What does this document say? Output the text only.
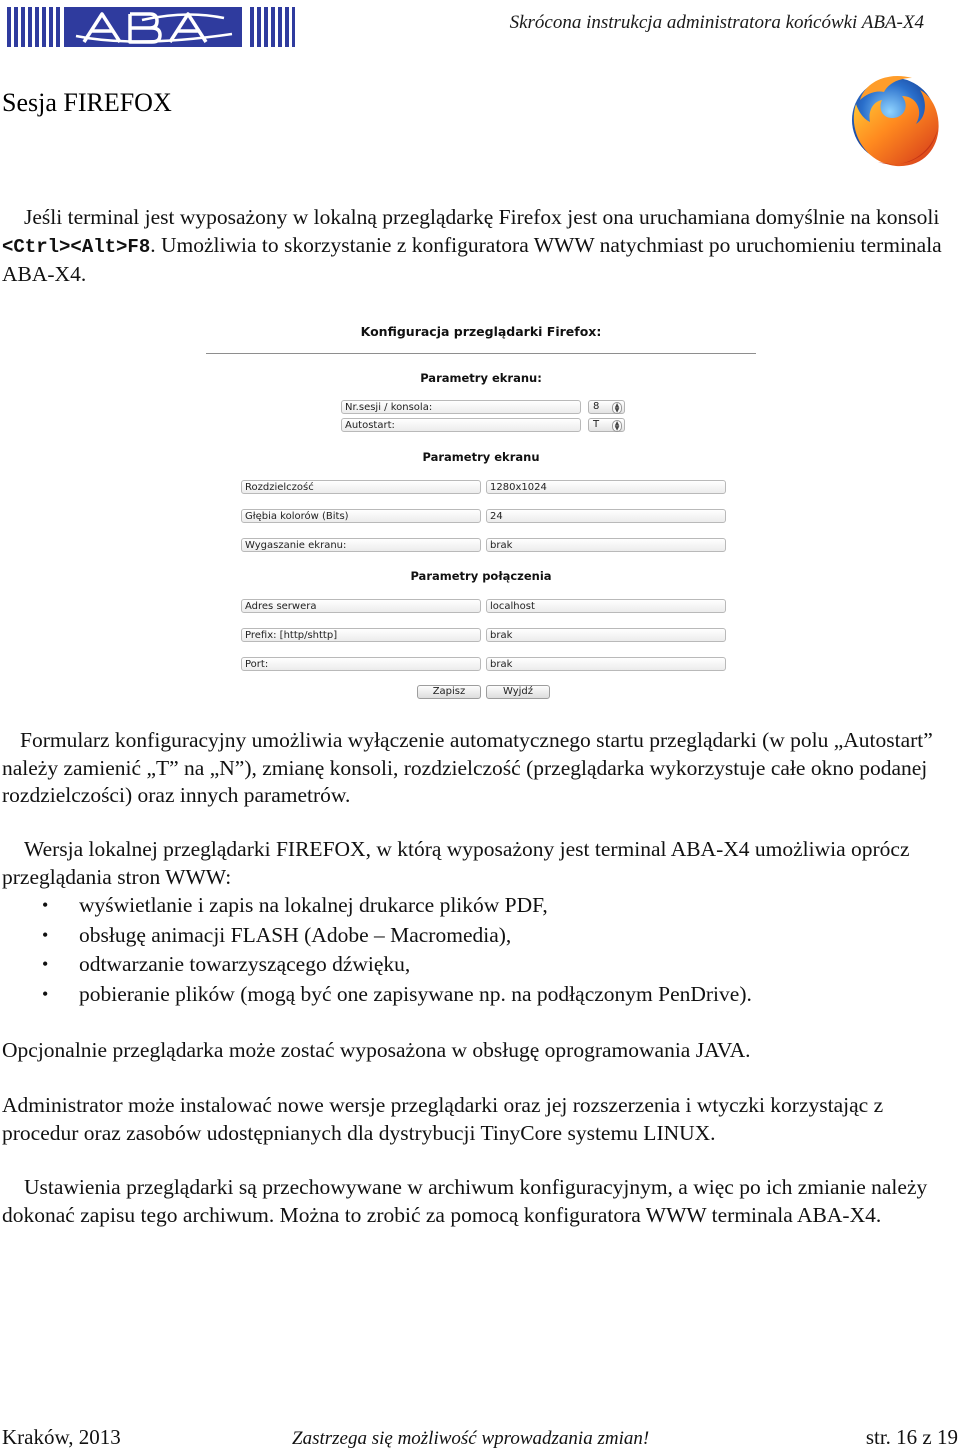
Skrócona instrukcja administratora końcówki ABA-X4
Sesja FIREFOX
Jeśli terminal jest wyposażony w lokalną przeglądarkę Firefox jest ona uruchamiana domyślnie na konsoli <Ctrl><Alt>F8. Umożliwia to skorzystanie z konfiguratora WWW natychmiast po uruchomieniu terminala ABA-X4.
Konfiguracja przeglądarki Firefox:
Parametry ekranu:
Nr.sesji / konsola:	8	▲
▼
Autostart:	T	▲
▼
Parametry ekranu
Rozdzielczość	1280x1024
Głębia kolorów (Bits)	24
Wygaszanie ekranu:	brak
Parametry połączenia
Adres serwera	localhost
Prefix: [http/shttp]	brak
Port:	brak
Zapisz	Wyjdź
Formularz konfiguracyjny umożliwia wyłączenie automatycznego startu przeglądarki (w polu „Autostart” należy zamienić „T” na „N”), zmianę konsoli, rozdzielczość (przeglądarka wykorzystuje całe okno podanej rozdzielczości) oraz innych parametrów.
Wersja lokalnej przeglądarki FIREFOX, w którą wyposażony jest terminal ABA-X4 umożliwia oprócz przeglądania stron WWW:
• wyświetlanie i zapis na lokalnej drukarce plików PDF,
• obsługę animacji FLASH (Adobe – Macromedia),
• odtwarzanie towarzyszącego dźwięku,
• pobieranie plików (mogą być one zapisywane np. na podłączonym PenDrive).
Opcjonalnie przeglądarka może zostać wyposażona w obsługę oprogramowania JAVA.
Administrator może instalować nowe wersje przeglądarki oraz jej rozszerzenia i wtyczki korzystając z procedur oraz zasobów udostępnianych dla dystrybucji TinyCore systemu LINUX.
Ustawienia przeglądarki są przechowywane w archiwum konfiguracyjnym, a więc po ich zmianie należy dokonać zapisu tego archiwum. Można to zrobić za pomocą konfiguratora WWW terminala ABA-X4.
Kraków, 2013	Zastrzega się możliwość wprowadzania zmian!	str. 16 z 19
